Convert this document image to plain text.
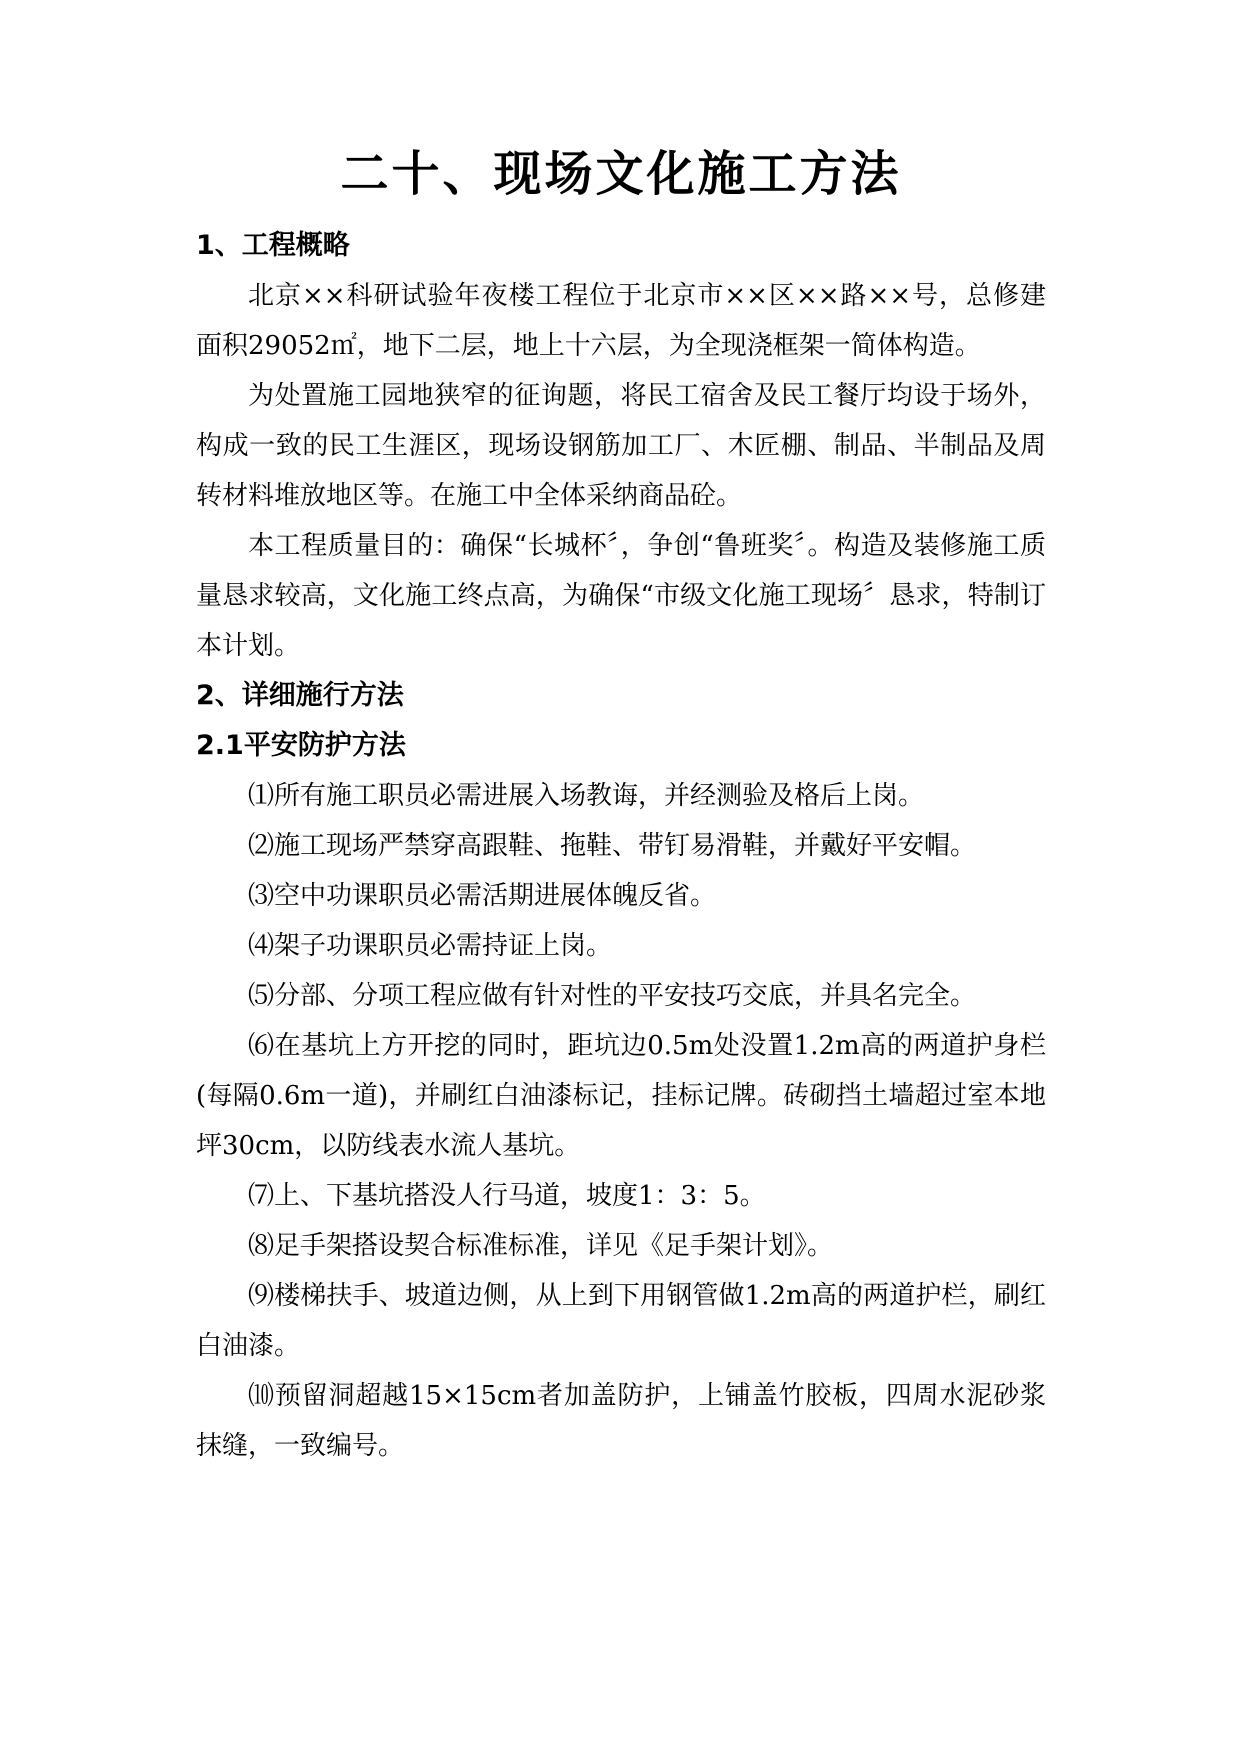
二十、现场文化施工方法
1、工程概略

北京××科研试验年夜楼工程位于北京市××区××路××号，总修建面积29052㎡，地下二层，地上十六层，为全现浇框架一简体构造。

为处置施工园地狭窄的征询题，将民工宿舍及民工餐厅均设于场外，构成一致的民工生涯区，现场设钢筋加工厂、木匠棚、制品、半制品及周转材料堆放地区等。在施工中全体采纳商品砼。

本工程质量目的：确保“长城杯〞，争创“鲁班奖〞。构造及装修施工质量恳求较高，文化施工终点高，为确保“市级文化施工现场〞恳求，特制订本计划。

2、详细施行方法
2.1平安防护方法

⑴所有施工职员必需进展入场教诲，并经测验及格后上岗。

⑵施工现场严禁穿高跟鞋、拖鞋、带钉易滑鞋，并戴好平安帽。

⑶空中功课职员必需活期进展体魄反省。

⑷架子功课职员必需持证上岗。

⑸分部、分项工程应做有针对性的平安技巧交底，并具名完全。

⑹在基坑上方开挖的同时，距坑边0.5m处没置1.2m高的两道护身栏(每隔0.6m一道)，并刷红白油漆标记，挂标记牌。砖砌挡土墙超过室本地坪30cm，以防线表水流人基坑。

⑺上、下基坑搭没人行马道，坡度1：3：5。

⑻足手架搭设契合标准标准，详见《足手架计划》。

⑼楼梯扶手、坡道边侧，从上到下用钢管做1.2m高的两道护栏，刷红白油漆。

⑽预留洞超越15×15cm者加盖防护，上铺盖竹胶板，四周水泥砂浆抹缝，一致编号。
